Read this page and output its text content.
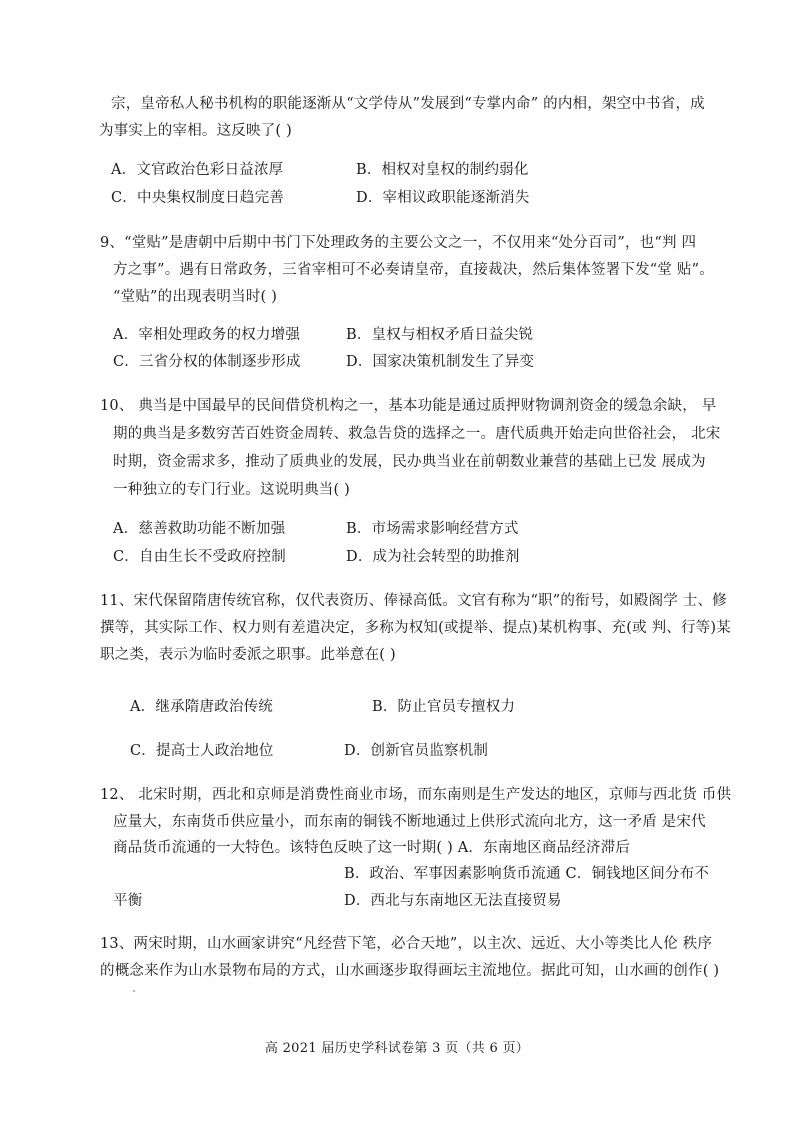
宗，皇帝私人秘书机构的职能逐渐从“文学侍从”发展到“专掌内命” 的内相，架空中书省，成
为事实上的宰相。这反映了( )
A．文官政治色彩日益浓厚	B．相权对皇权的制约弱化
C．中央集权制度日趋完善	D．宰相议政职能逐渐消失
9、“堂贴”是唐朝中后期中书门下处理政务的主要公文之一，不仅用来“处分百司”，也“判 四
方之事”。遇有日常政务，三省宰相可不必奏请皇帝，直接裁决，然后集体签署下发“堂 贴”。
“堂贴”的出现表明当时( )
A．宰相处理政务的权力增强	B．皇权与相权矛盾日益尖锐
C．三省分权的体制逐步形成	D．国家决策机制发生了异变
10、 典当是中国最早的民间借贷机构之一，基本功能是通过质押财物调剂资金的缓急余缺， 早
期的典当是多数穷苦百姓资金周转、救急告贷的选择之一。唐代质典开始走向世俗社会， 北宋
时期，资金需求多，推动了质典业的发展，民办典当业在前朝数业兼营的基础上已发 展成为
一种独立的专门行业。这说明典当( )
A．慈善救助功能不断加强	B．市场需求影响经营方式
C．自由生长不受政府控制	D．成为社会转型的助推剂
11、宋代保留隋唐传统官称，仅代表资历、俸禄高低。文官有称为“职”的衔号，如殿阁学 士、修
撰等，其实际工作、权力则有差遣决定，多称为权知(或提举、提点)某机构事、充(或 判、行等)某
职之类，表示为临时委派之职事。此举意在( )
A．继承隋唐政治传统	B．防止官员专擅权力
C．提高士人政治地位	D．创新官员监察机制
12、 北宋时期，西北和京师是消费性商业市场，而东南则是生产发达的地区，京师与西北货 币供
应量大，东南货币供应量小，而东南的铜钱不断地通过上供形式流向北方，这一矛盾 是宋代
商品货币流通的一大特色。该特色反映了这一时期( ) A．东南地区商品经济滞后
B．政治、军事因素影响货币流通 C．铜钱地区间分布不
平衡	D．西北与东南地区无法直接贸易
13、两宋时期，山水画家讲究“凡经营下笔，必合天地”，以主次、远近、大小等类比人伦 秩序
的概念来作为山水景物布局的方式，山水画逐步取得画坛主流地位。据此可知，山水画的创作( )
高 2021 届历史学科试卷第 3 页（共 6 页）
